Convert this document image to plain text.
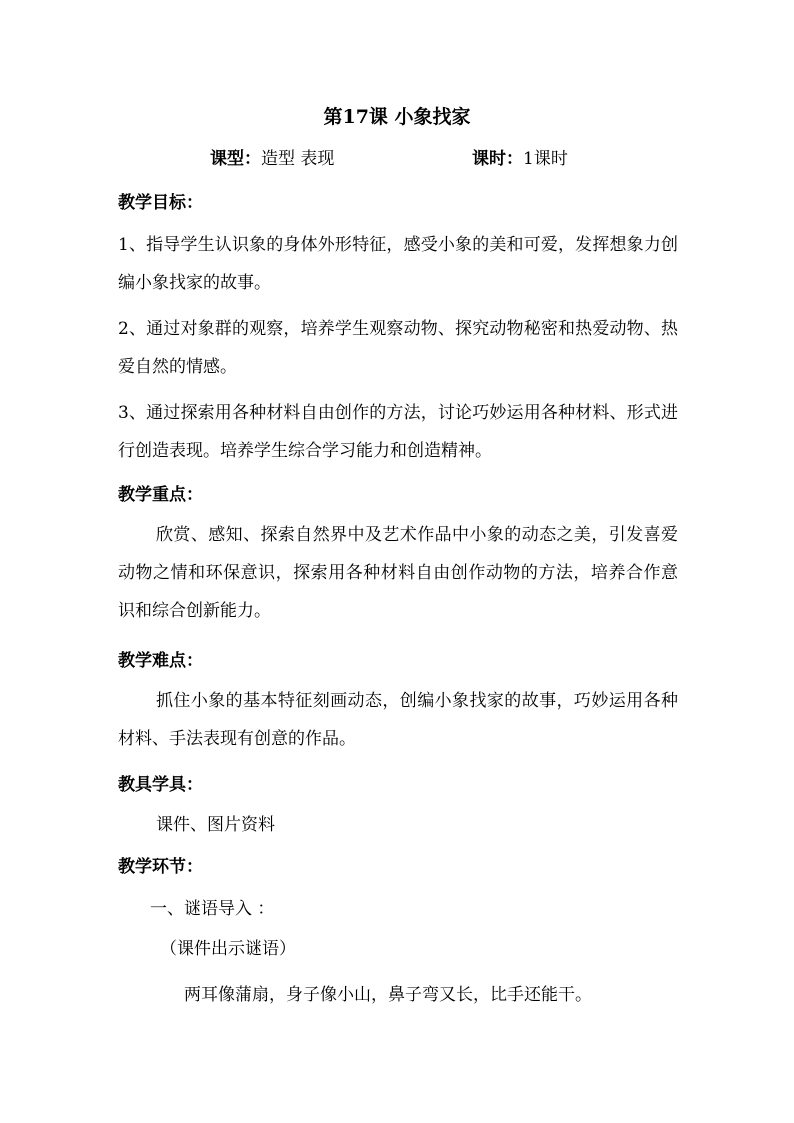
第17课 小象找家
课型：造型 表现	课时：1课时
教学目标：
1、指导学生认识象的身体外形特征，感受小象的美和可爱，发挥想象力创编小象找家的故事。
2、通过对象群的观察，培养学生观察动物、探究动物秘密和热爱动物、热爱自然的情感。
3、通过探索用各种材料自由创作的方法，讨论巧妙运用各种材料、形式进行创造表现。培养学生综合学习能力和创造精神。
教学重点：
欣赏、感知、探索自然界中及艺术作品中小象的动态之美，引发喜爱动物之情和环保意识，探索用各种材料自由创作动物的方法，培养合作意识和综合创新能力。
教学难点：
抓住小象的基本特征刻画动态，创编小象找家的故事，巧妙运用各种材料、手法表现有创意的作品。
教具学具：
课件、图片资料
教学环节：
一、谜语导入 ：
（课件出示谜语）
两耳像蒲扇，身子像小山，鼻子弯又长，比手还能干。
